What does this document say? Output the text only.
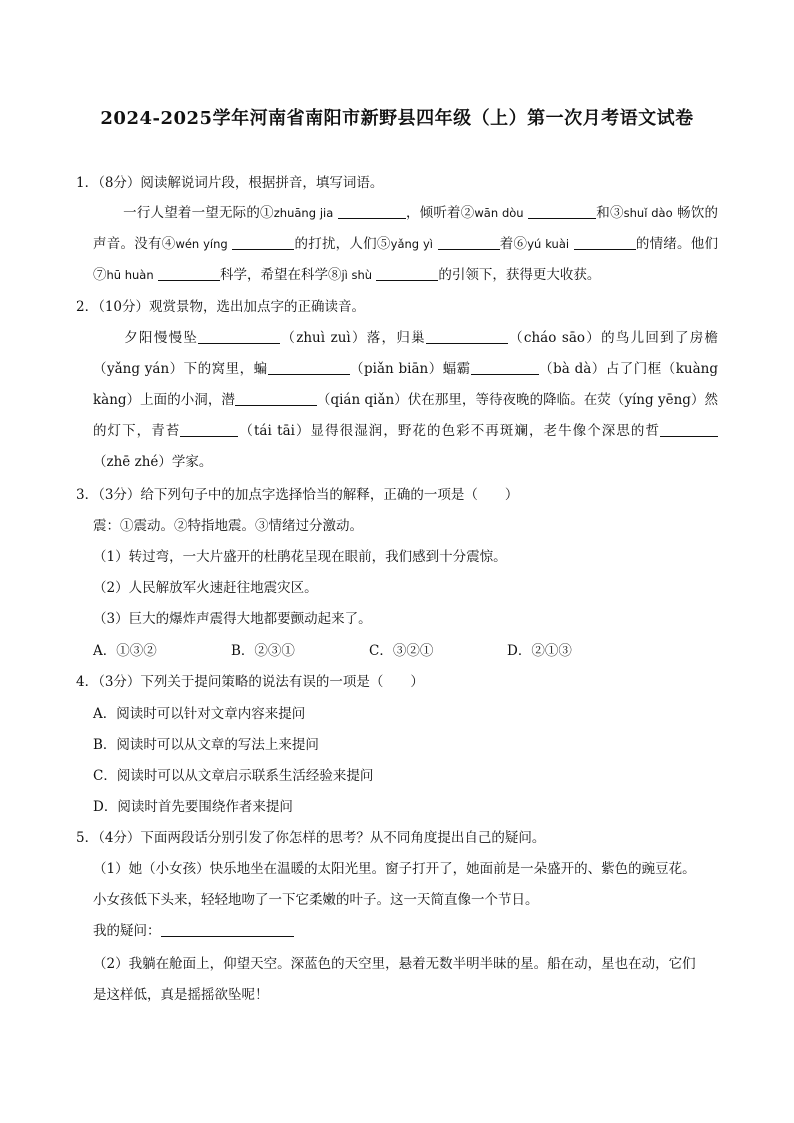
2024-2025学年河南省南阳市新野县四年级（上）第一次月考语文试卷
1．（8分）阅读解说词片段，根据拼音，填写词语。
一行人望着一望无际的①zhuāng jia	，倾听着②wān dòu	和③shuǐ dào 畅饮的声音。没有④wén yíng	的打扰，人们⑤yǎng yì	着⑥yú kuài	的情绪。他们⑦hū huàn	科学，希望在科学⑧jì shù	的引领下，获得更大收获。
2．（10分）观赏景物，选出加点字的正确读音。
夕阳慢慢坠	（zhuì zuì）落，归巢	（cháo sāo）的鸟儿回到了房檐（yǎng yán）下的窝里，蝙	（piǎn biān）蝠霸	（bà dà）占了门框（kuàng kàng）上面的小洞，潜	（qián qiǎn）伏在那里，等待夜晚的降临。在荧（yíng yēng）然的灯下，青苔	（tái tāi）显得很湿润，野花的色彩不再斑斓，老牛像个深思的哲（zhē zhé）学家。
3．（3分）给下列句子中的加点字选择恰当的解释，正确的一项是（　　）
震：①震动。②特指地震。③情绪过分激动。
（1）转过弯，一大片盛开的杜鹃花呈现在眼前，我们感到十分震惊。
（2）人民解放军火速赶往地震灾区。
（3）巨大的爆炸声震得大地都要颤动起来了。
A．①③②	B．②③①	C．③②①	D．②①③
4．（3分）下列关于提问策略的说法有误的一项是（　　）
A．阅读时可以针对文章内容来提问
B．阅读时可以从文章的写法上来提问
C．阅读时可以从文章启示联系生活经验来提问
D．阅读时首先要围绕作者来提问
5．（4分）下面两段话分别引发了你怎样的思考？从不同角度提出自己的疑问。
（1）她（小女孩）快乐地坐在温暖的太阳光里。窗子打开了，她面前是一朵盛开的、紫色的豌豆花。
小女孩低下头来，轻轻地吻了一下它柔嫩的叶子。这一天简直像一个节日。
我的疑问：
（2）我躺在舱面上，仰望天空。深蓝色的天空里，悬着无数半明半昧的星。船在动，星也在动，它们
是这样低，真是摇摇欲坠呢！
